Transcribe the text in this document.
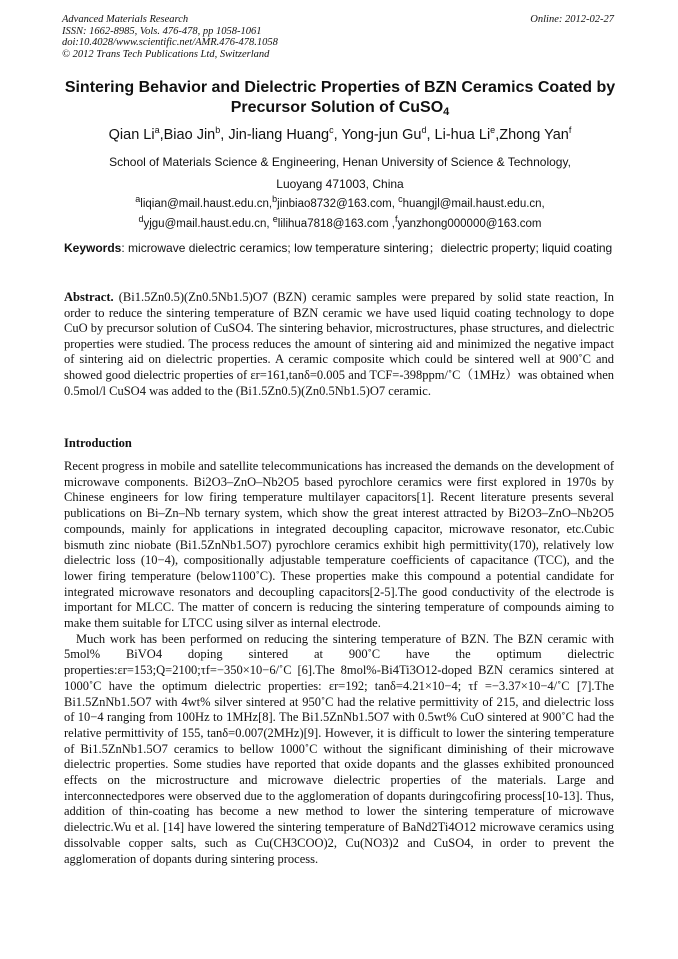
Advanced Materials Research
ISSN: 1662-8985, Vols. 476-478, pp 1058-1061
doi:10.4028/www.scientific.net/AMR.476-478.1058
© 2012 Trans Tech Publications Ltd, Switzerland
Online: 2012-02-27
Sintering Behavior and Dielectric Properties of BZN Ceramics Coated by
Precursor Solution of CuSO$_4$
Qian Li$^a$,Biao Jin$^b$, Jin-liang Huang$^c$, Yong-jun Gu$^d$, Li-hua Li$^e$,Zhong Yan$^f$
School of Materials Science & Engineering, Henan University of Science & Technology,
Luoyang 471003, China
$^a$liqian@mail.haust.edu.cn,$^b$jinbiao8732@163.com, $^c$huangjl@mail.haust.edu.cn,
$^d$yjgu@mail.haust.edu.cn, $^e$lilihua7818@163.com ,$^f$yanzhong000000@163.com
Keywords: microwave dielectric ceramics; low temperature sintering；dielectric property; liquid coating
Abstract. (Bi1.5Zn0.5)(Zn0.5Nb1.5)O7 (BZN) ceramic samples were prepared by solid state reaction, In order to reduce the sintering temperature of BZN ceramic we have used liquid coating technology to dope CuO by precursor solution of CuSO4. The sintering behavior, microstructures, phase structures, and dielectric properties were studied. The process reduces the amount of sintering aid and minimized the negative impact of sintering aid on dielectric properties. A ceramic composite which could be sintered well at 900˚C and showed good dielectric properties of εr=161,tanδ=0.005 and TCF=-398ppm/˚C（1MHz）was obtained when 0.5mol/l CuSO4 was added to the (Bi1.5Zn0.5)(Zn0.5Nb1.5)O7 ceramic.
Introduction

Recent progress in mobile and satellite telecommunications has increased the demands on the development of microwave components. Bi2O3–ZnO–Nb2O5 based pyrochlore ceramics were first explored in 1970s by Chinese engineers for low firing temperature multilayer capacitors[1]. Recent literature presents several publications on Bi–Zn–Nb ternary system, which show the great interest attracted by Bi2O3–ZnO–Nb2O5 compounds, mainly for applications in integrated decoupling capacitor, microwave resonator, etc.Cubic bismuth zinc niobate (Bi1.5ZnNb1.5O7) pyrochlore ceramics exhibit high permittivity(170), relatively low dielectric loss (10−4), compositionally adjustable temperature coefficients of capacitance (TCC), and the lower firing temperature (below1100˚C). These properties make this compound a potential candidate for integrated microwave resonators and decoupling capacitors[2-5].The good conductivity of the electrode is important for MLCC. The matter of concern is reducing the sintering temperature of compounds aiming to make them suitable for LTCC using silver as internal electrode.

Much work has been performed on reducing the sintering temperature of BZN. The BZN ceramic with 5mol% BiVO4 doping sintered at 900˚C have the optimum dielectric properties:εr=153;Q=2100;τf=−350×10−6/˚C [6].The 8mol%-Bi4Ti3O12-doped BZN ceramics sintered at 1000˚C have the optimum dielectric properties: εr=192; tanδ=4.21×10−4; τf =−3.37×10−4/˚C [7].The Bi1.5ZnNb1.5O7 with 4wt% silver sintered at 950˚C had the relative permittivity of 215, and dielectric loss of 10−4 ranging from 100Hz to 1MHz[8]. The Bi1.5ZnNb1.5O7 with 0.5wt% CuO sintered at 900˚C had the relative permittivity of 155, tanδ=0.007(2MHz)[9]. However, it is difficult to lower the sintering temperature of Bi1.5ZnNb1.5O7 ceramics to bellow 1000˚C without the significant diminishing of their microwave dielectric properties. Some studies have reported that oxide dopants and the glasses exhibited pronounced effects on the microstructure and microwave dielectric properties of the materials. Large and interconnectedpores were observed due to the agglomeration of dopants duringcofiring process[10-13]. Thus, addition of thin-coating has become a new method to lower the sintering temperature of microwave dielectric.Wu et al. [14] have lowered the sintering temperature of BaNd2Ti4O12 microwave ceramics using dissolvable copper salts, such as Cu(CH3COO)2, Cu(NO3)2 and CuSO4, in order to prevent the agglomeration of dopants during sintering process.
